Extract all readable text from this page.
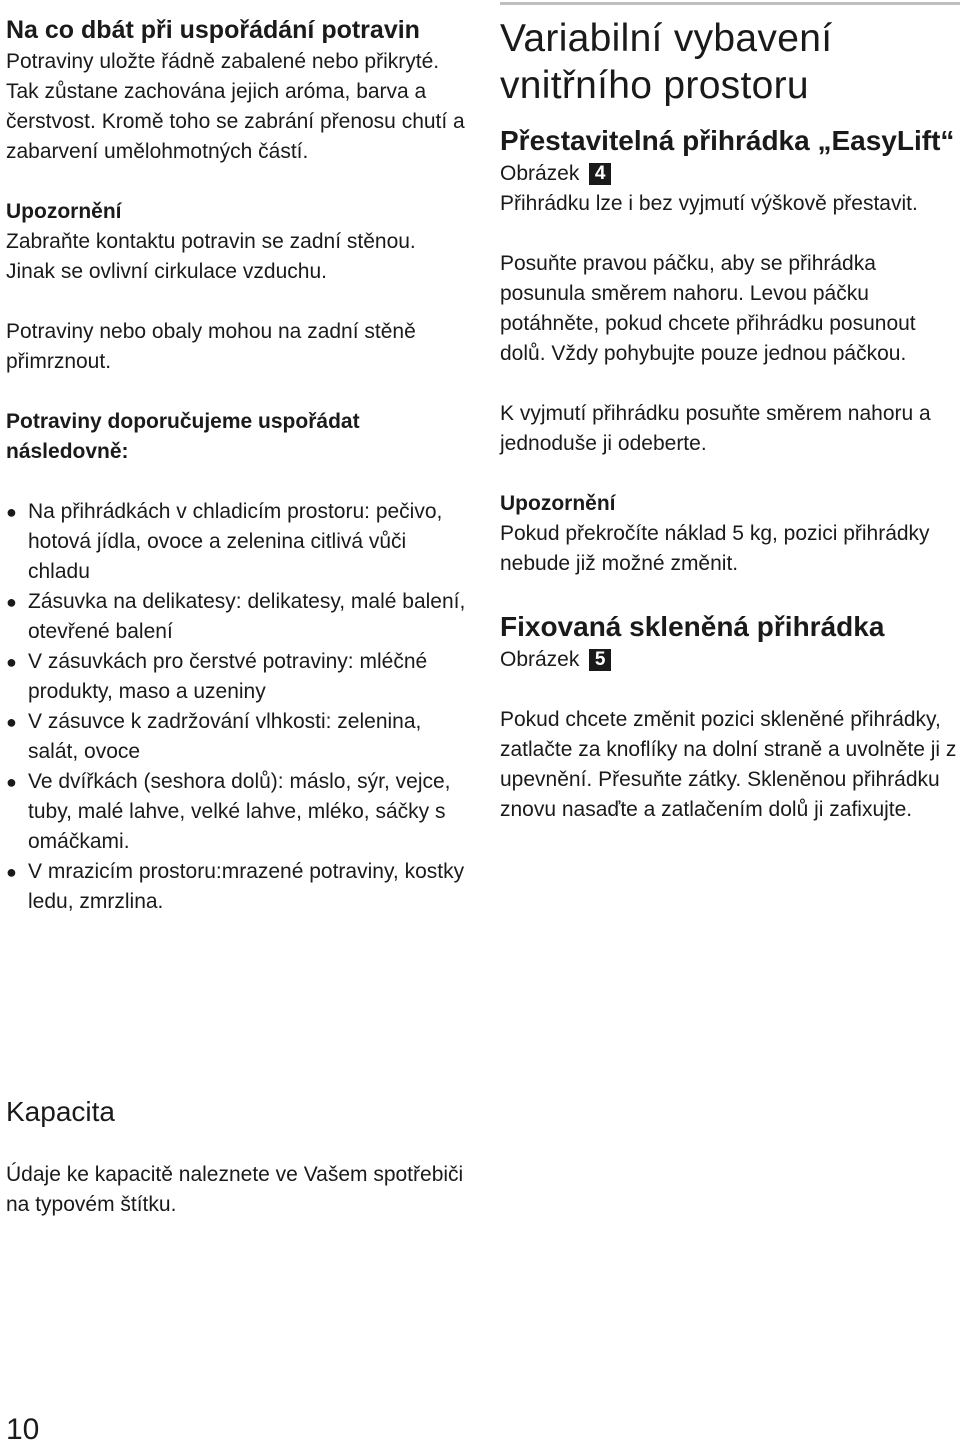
Na co dbát při uspořádání potravin

Potraviny uložte řádně zabalené nebo přikryté.

Tak zůstane zachována jejich aróma, barva a čerstvost. Kromě toho se zabrání přenosu chutí a zabarvení umělohmotných částí.

Upozornění

Zabraňte kontaktu potravin se zadní stěnou. Jinak se ovlivní cirkulace vzduchu.

Potraviny nebo obaly mohou na zadní stěně přimrznout.

Potraviny doporučujeme uspořádat následovně:

● Na přihrádkách v chladicím prostoru: pečivo, hotová jídla, ovoce a zelenina citlivá vůči chladu
● Zásuvka na delikatesy: delikatesy, malé balení, otevřené balení
● V zásuvkách pro čerstvé potraviny: mléčné produkty, maso a uzeniny
● V zásuvce k zadržování vlhkosti: zelenina, salát, ovoce
● Ve dvířkách (seshora dolů): máslo, sýr, vejce, tuby, malé lahve, velké lahve, mléko, sáčky s omáčkami.
● V mrazicím prostoru:mrazené potraviny, kostky ledu, zmrzlina.
Kapacita

Údaje ke kapacitě naleznete ve Vašem spotřebiči na typovém štítku.

Variabilní vybavení vnitřního prostoru
Přestavitelná přihrádka „EasyLift“

Obrázek 4

Přihrádku lze i bez vyjmutí výškově přestavit.

Posuňte pravou páčku, aby se přihrádka posunula směrem nahoru. Levou páčku potáhněte, pokud chcete přihrádku posunout dolů. Vždy pohybujte pouze jednou páčkou.

K vyjmutí přihrádku posuňte směrem nahoru a jednoduše ji odeberte.

Upozornění

Pokud překročíte náklad 5 kg, pozici přihrádky nebude již možné změnit.

Fixovaná skleněná přihrádka

Obrázek 5

Pokud chcete změnit pozici skleněné přihrádky, zatlačte za knoflíky na dolní straně a uvolněte ji z upevnění. Přesuňte zátky. Skleněnou přihrádku znovu nasaďte a zatlačením dolů ji zafixujte.

10
